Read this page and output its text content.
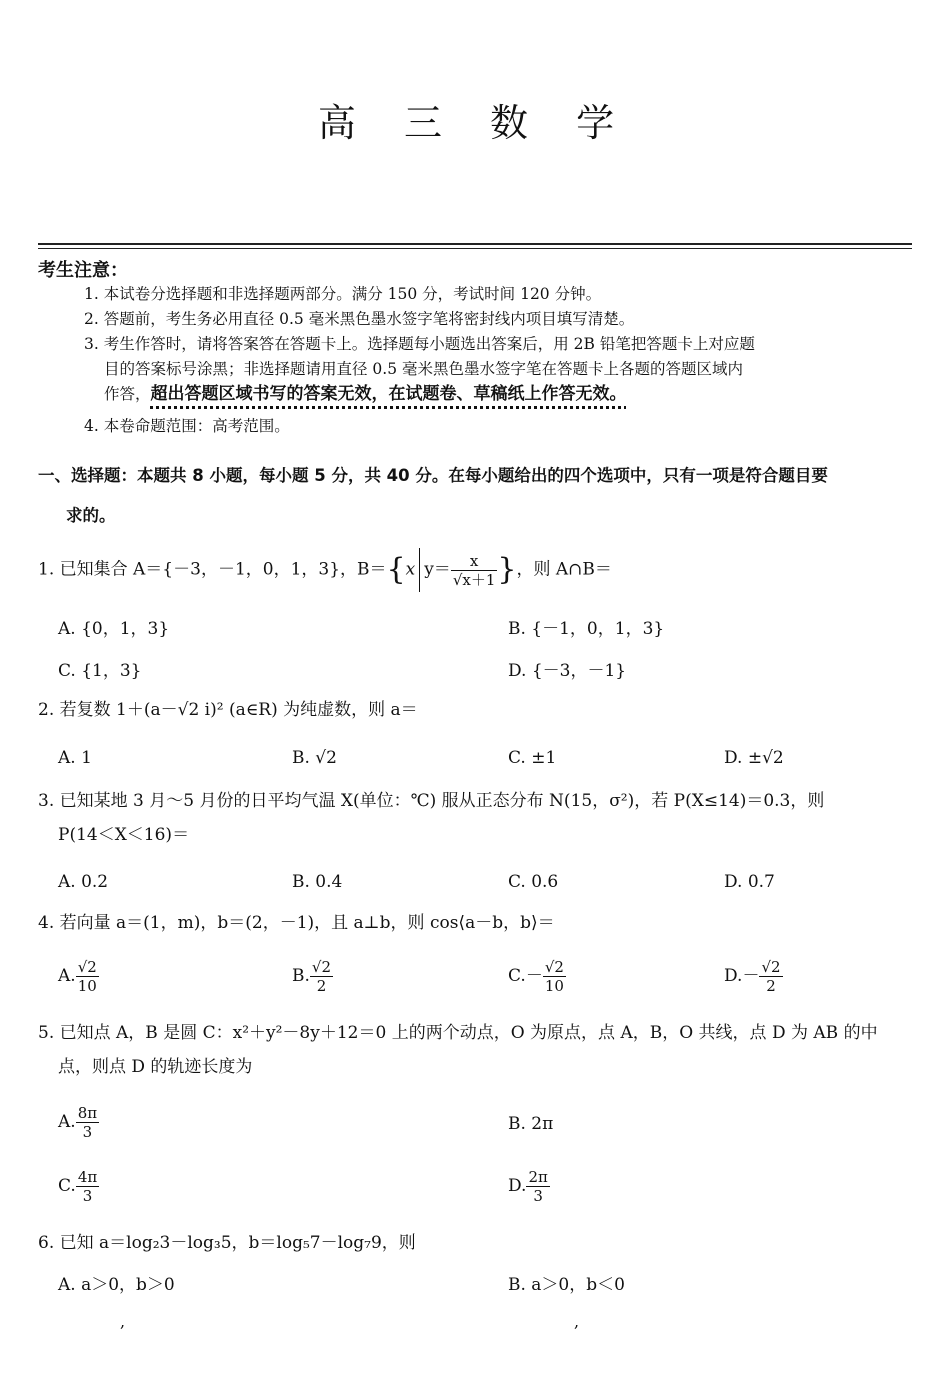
高 三 数 学
考生注意：
1. 本试卷分选择题和非选择题两部分。满分 150 分，考试时间 120 分钟。
2. 答题前，考生务必用直径 0.5 毫米黑色墨水签字笔将密封线内项目填写清楚。
3. 考生作答时，请将答案答在答题卡上。选择题每小题选出答案后，用 2B 铅笔把答题卡上对应题
目的答案标号涂黑；非选择题请用直径 0.5 毫米黑色墨水签字笔在答题卡上各题的答题区域内
作答，超出答题区域书写的答案无效，在试题卷、草稿纸上作答无效。
4. 本卷命题范围：高考范围。
一、选择题：本题共 8 小题，每小题 5 分，共 40 分。在每小题给出的四个选项中，只有一项是符合题目要
求的。
1. 已知集合 A＝{－3，－1，0，1，3}，B＝{x $y= \frac{x}{√x+1}$ }，则 A∩B＝
A. {0，1，3}	B. {－1，0，1，3}
C. {1，3}	D. {－3，－1}
2. 若复数 1＋(a－√2 i)² (a∈R) 为纯虚数，则 a＝
A. 1	B. √2	C. ±1	D. ±√2
3. 已知某地 3 月～5 月份的日平均气温 X(单位：℃) 服从正态分布 N(15，σ²)，若 P(X≤14)＝0.3，则
P(14＜X＜16)＝
A. 0.2	B. 0.4	C. 0.6	D. 0.7
4. 若向量 a＝(1，m)，b＝(2，－1)，且 a⊥b，则 cos⟨a－b，b⟩＝
A. $\frac{√2}{10}$	B. $\frac{√2}{2}$	$C.- \frac{√2}{10}$	$D.- \frac{√2}{2}$
5. 已知点 A，B 是圆 C：x²＋y²－8y＋12＝0 上的两个动点，O 为原点，点 A，B，O 共线，点 D 为 AB 的中
点，则点 D 的轨迹长度为
A. $\frac{8\pi}{3}$	B. 2π
C. $\frac{4\pi}{3}$	D. $\frac{2\pi}{3}$
6. 已知 a＝log₂3－log₃5，b＝log₅7－log₇9，则
A. a＞0，b＞0	B. a＞0，b＜0
,	,
